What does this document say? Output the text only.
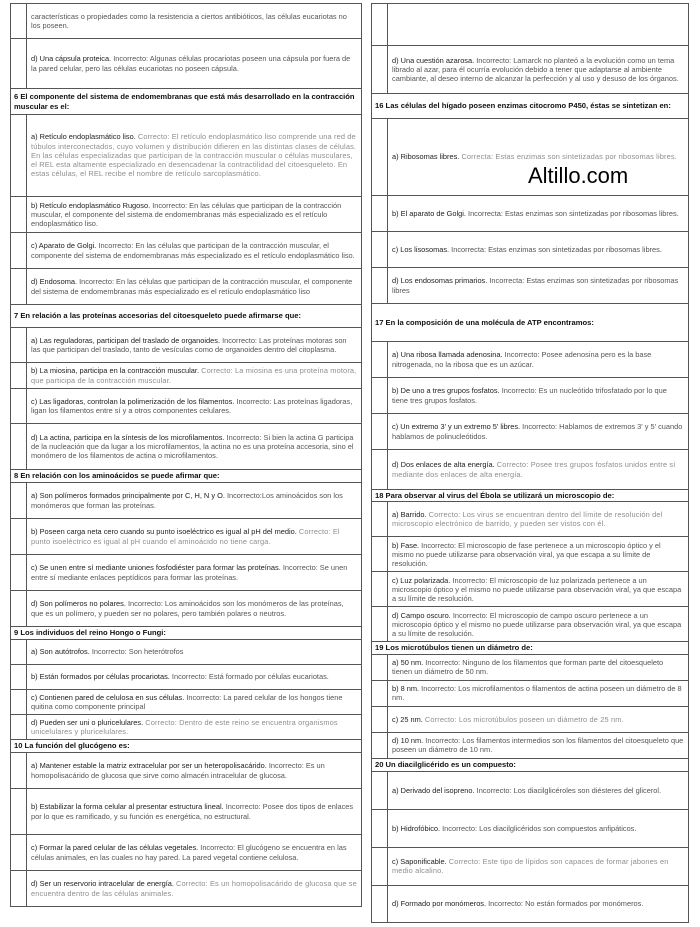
	características o propiedades como la resistencia a ciertos antibióticos, las células eucariotas no los poseen.
	d) Una cápsula proteica. Incorrecto: Algunas células procariotas poseen una cápsula por fuera de la pared celular, pero las células eucariotas no poseen cápsula.
6 El componente del sistema de endomembranas que está más desarrollado en la contracción muscular es el:	
	a) Retículo endoplasmático liso. Correcto: El retículo endoplasmático liso comprende una red de túbulos interconectados, cuyo volumen y distribución difieren en las distintas clases de células. En las células especializadas que participan de la contracción muscular o células musculares, el REL esta altamente especializado en desencadenar la contractilidad del citoesqueleto. En estas células, el REL recibe el nombre de retículo sarcoplasmático.
	b) Retículo endoplasmático Rugoso. Incorrecto: En las células que participan de la contracción muscular, el componente del sistema de endomembranas más especializado es el retículo endoplasmático liso.
	c) Aparato de Golgi. Incorrecto: En las células que participan de la contracción muscular, el componente del sistema de endomembranas más especializado es el retículo endoplasmático liso.
	d) Endosoma. Incorrecto: En las células que participan de la contracción muscular, el componente del sistema de endomembranas más especializado es el retículo endoplasmático liso
7 En relación a las proteínas accesorias del citoesqueleto puede afirmarse que:	
	a) Las reguladoras, participan del traslado de organoides. Incorrecto: Las proteínas motoras son las que participan del traslado, tanto de vesículas como de organoides dentro del citoplasma.
	b) La miosina, participa en la contracción muscular. Correcto: La miosina es una proteína motora, que participa de la contracción muscular.
	c) Las ligadoras, controlan la polimerización de los filamentos. Incorrecto: Las proteínas ligadoras, ligan los filamentos entre sí y a otros componentes celulares.
	d) La actina, participa en la síntesis de los microfilamentos. Incorrecto: Si bien la actina G participa de la nucleación que da lugar a los microfilamentos, la actina no es una proteína accesoria, sino el monómero de los filamentos de actina o microfilamentos.
8 En relación con los aminoácidos se puede afirmar que:	
	a) Son polímeros formados principalmente por C, H, N y O. Incorrecto:Los aminoácidos son los monómeros que forman las proteínas.
	b) Poseen carga neta cero cuando su punto isoeléctrico es igual al pH del medio. Correcto: El punto isoeléctrico es igual al pH cuando el aminoácido no tiene carga.
	c) Se unen entre sí mediante uniones fosfodiéster para formar las proteínas. Incorrecto: Se unen entre sí mediante enlaces peptídicos para formar las proteínas.
	d) Son polímeros no polares. Incorrecto: Los aminoácidos son los monómeros de las proteínas, que es un polímero, y pueden ser no polares, pero también polares o neutros.
9 Los individuos del reino Hongo o Fungi:	
	a) Son autótrofos. Incorrecto: Son heterótrofos
	b) Están formados por células procariotas. Incorrecto: Está formado por células eucariotas.
	c) Contienen pared de celulosa en sus células. Incorrecto: La pared celular de los hongos tiene quitina como componente principal
	d) Pueden ser uni o pluricelulares. Correcto: Dentro de este reino se encuentra organismos unicelulares y pluricelulares.
10 La función del glucógeno es:	
	a) Mantener estable la matriz extracelular por ser un heteropolisacárido. Incorrecto: Es un homopolisacárido de glucosa que sirve como almacén intracelular de glucosa.
	b) Estabilizar la forma celular al presentar estructura lineal. Incorrecto: Posee dos tipos de enlaces por lo que es ramificado, y su función es energética, no estructural.
	c) Formar la pared celular de las células vegetales. Incorrecto: El glucógeno se encuentra en las células animales, en las cuales no hay pared. La pared vegetal contiene celulosa.
	d) Ser un reservorio intracelular de energía. Correcto: Es un homopolisacárido de glucosa que se encuentra dentro de las células animales.

	d) Una cuestión azarosa. Incorrecto: Lamarck no planteó a la evolución como un tema librado al azar, para él ocurría evolución debido a tener que adaptarse al ambiente cambiante, al deseo interno de alcanzar la perfección y al uso y desuso de los órganos.
16 Las células del hígado poseen enzimas citocromo P450, éstas se sintetizan en:	
	a) Ribosomas libres. Correcta: Estas enzimas son sintetizadas por ribosomas libres.
	b) El aparato de Golgi. Incorrecta: Estas enzimas son sintetizadas por ribosomas libres.
	c) Los lisosomas. Incorrecta: Estas enzimas son sintetizadas por ribosomas libres.
	d) Los endosomas primarios. Incorrecta: Estas enzimas son sintetizadas por ribosomas libres
17 En la composición de una molécula de ATP encontramos:	
	a) Una ribosa llamada adenosina. Incorrecto: Posee adenosina pero es la base nitrogenada, no la ribosa que es un azúcar.
	b) De uno a tres grupos fosfatos. Incorrecto: Es un nucleótido trifosfatado por lo que tiene tres grupos fosfatos.
	c) Un extremo 3' y un extremo 5' libres. Incorrecto: Hablamos de extremos 3' y 5' cuando hablamos de polinucleótidos.
	d) Dos enlaces de alta energía. Correcto: Posee tres grupos fosfatos unidos entre sí mediante dos enlaces de alta energía.
18 Para observar al virus del Ébola se utilizará un microscopio de:	
	a) Barrido. Correcto: Los virus se encuentran dentro del límite de resolución del microscopio electrónico de barrido, y pueden ser vistos con él.
	b) Fase. Incorrecto: El microscopio de fase pertenece a un microscopio óptico y el mismo no puede utilizarse para observación viral, ya que escapa a su límite de resolución.
	c) Luz polarizada. Incorrecto: El microscopio de luz polarizada pertenece a un microscopio óptico y el mismo no puede utilizarse para observación viral, ya que escapa a su límite de resolución.
	d) Campo oscuro. Incorrecto: El microscopio de campo oscuro pertenece a un microscopio óptico y el mismo no puede utilizarse para observación viral, ya que escapa a su límite de resolución.
19 Los microtúbulos tienen un diámetro de:	
	a) 50 nm. Incorrecto: Ninguno de los filamentos que forman parte del citoesqueleto tienen un diámetro de 50 nm.
	b) 8 nm. Incorrecto: Los microfilamentos o filamentos de actina poseen un diámetro de 8 nm.
	c) 25 nm. Correcto: Los microtúbulos poseen un diámetro de 25 nm.
	d) 10 nm. Incorrecto: Los filamentos intermedios son los filamentos del citoesqueleto que poseen un diámetro de 10 nm.
20 Un diacilglicérido es un compuesto:	
	a) Derivado del isopreno. Incorrecto: Los diacilglicéroles son diésteres del glicerol.
	b) Hidrofóbico. Incorrecto: Los diacilglicéridos son compuestos anfipáticos.
	c) Saponificable. Correcto: Este tipo de lípidos son capaces de formar jabones en medio alcalino.
	d) Formado por monómeros. Incorrecto: No están formados por monómeros.
Altillo.com
